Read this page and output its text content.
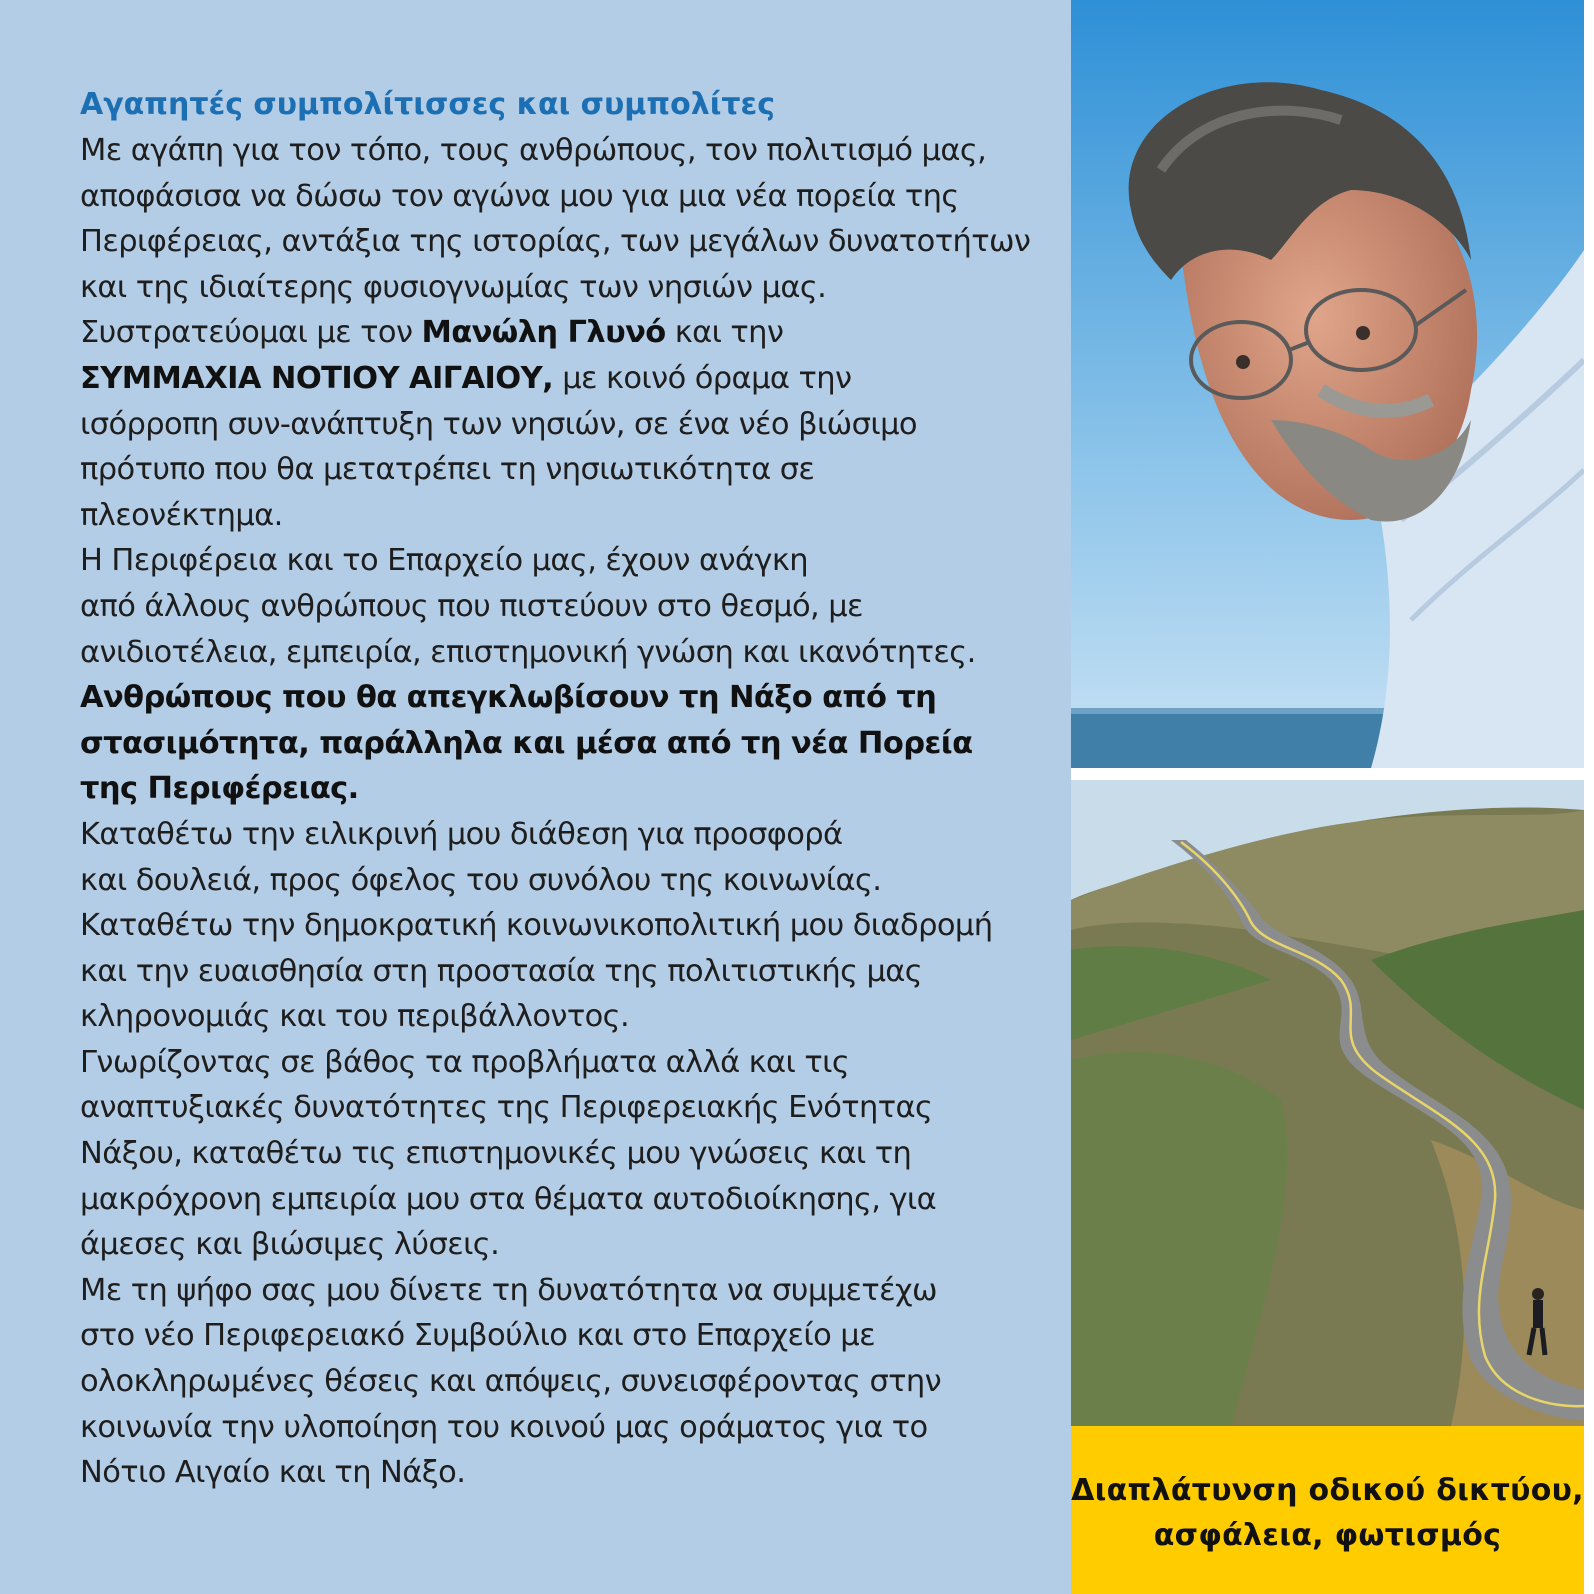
Αγαπητές συμπολίτισσες και συμπολίτες
Με αγάπη για τον τόπο, τους ανθρώπους, τον πολιτισμό μας,
αποφάσισα να δώσω τον αγώνα μου για μια νέα πορεία της
Περιφέρειας, αντάξια της ιστορίας, των μεγάλων δυνατοτήτων
και της ιδιαίτερης φυσιογνωμίας των νησιών μας.
Συστρατεύομαι με τον Μανώλη Γλυνό και την
ΣΥΜΜΑΧΙΑ ΝΟΤΙΟΥ ΑΙΓΑΙΟΥ, με κοινό όραμα την
ισόρροπη συν-ανάπτυξη των νησιών, σε ένα νέο βιώσιμο
πρότυπο που θα μετατρέπει τη νησιωτικότητα σε
πλεονέκτημα.
Η Περιφέρεια και το Επαρχείο μας, έχουν ανάγκη
από άλλους ανθρώπους που πιστεύουν στο θεσμό, με
ανιδιοτέλεια, εμπειρία, επιστημονική γνώση και ικανότητες.
Ανθρώπους που θα απεγκλωβίσουν τη Νάξο από τη
στασιμότητα, παράλληλα και μέσα από τη νέα Πορεία
της Περιφέρειας.
Καταθέτω την ειλικρινή μου διάθεση για προσφορά
και δουλειά, προς όφελος του συνόλου της κοινωνίας.
Καταθέτω την δημοκρατική κοινωνικοπολιτική μου διαδρομή
και την ευαισθησία στη προστασία της πολιτιστικής μας
κληρονομιάς και του περιβάλλοντος.
Γνωρίζοντας σε βάθος τα προβλήματα αλλά και τις
αναπτυξιακές δυνατότητες της Περιφερειακής Ενότητας
Νάξου, καταθέτω τις επιστημονικές μου γνώσεις και τη
μακρόχρονη εμπειρία μου στα θέματα αυτοδιοίκησης, για
άμεσες και βιώσιμες λύσεις.
Με τη ψήφο σας μου δίνετε τη δυνατότητα να συμμετέχω
στο νέο Περιφερειακό Συμβούλιο και στο Επαρχείο με
ολοκληρωμένες θέσεις και απόψεις, συνεισφέροντας στην
κοινωνία την υλοποίηση του κοινού μας οράματος για το
Νότιο Αιγαίο και τη Νάξο.
Διαπλάτυνση οδικού δικτύου,
ασφάλεια, φωτισμός
